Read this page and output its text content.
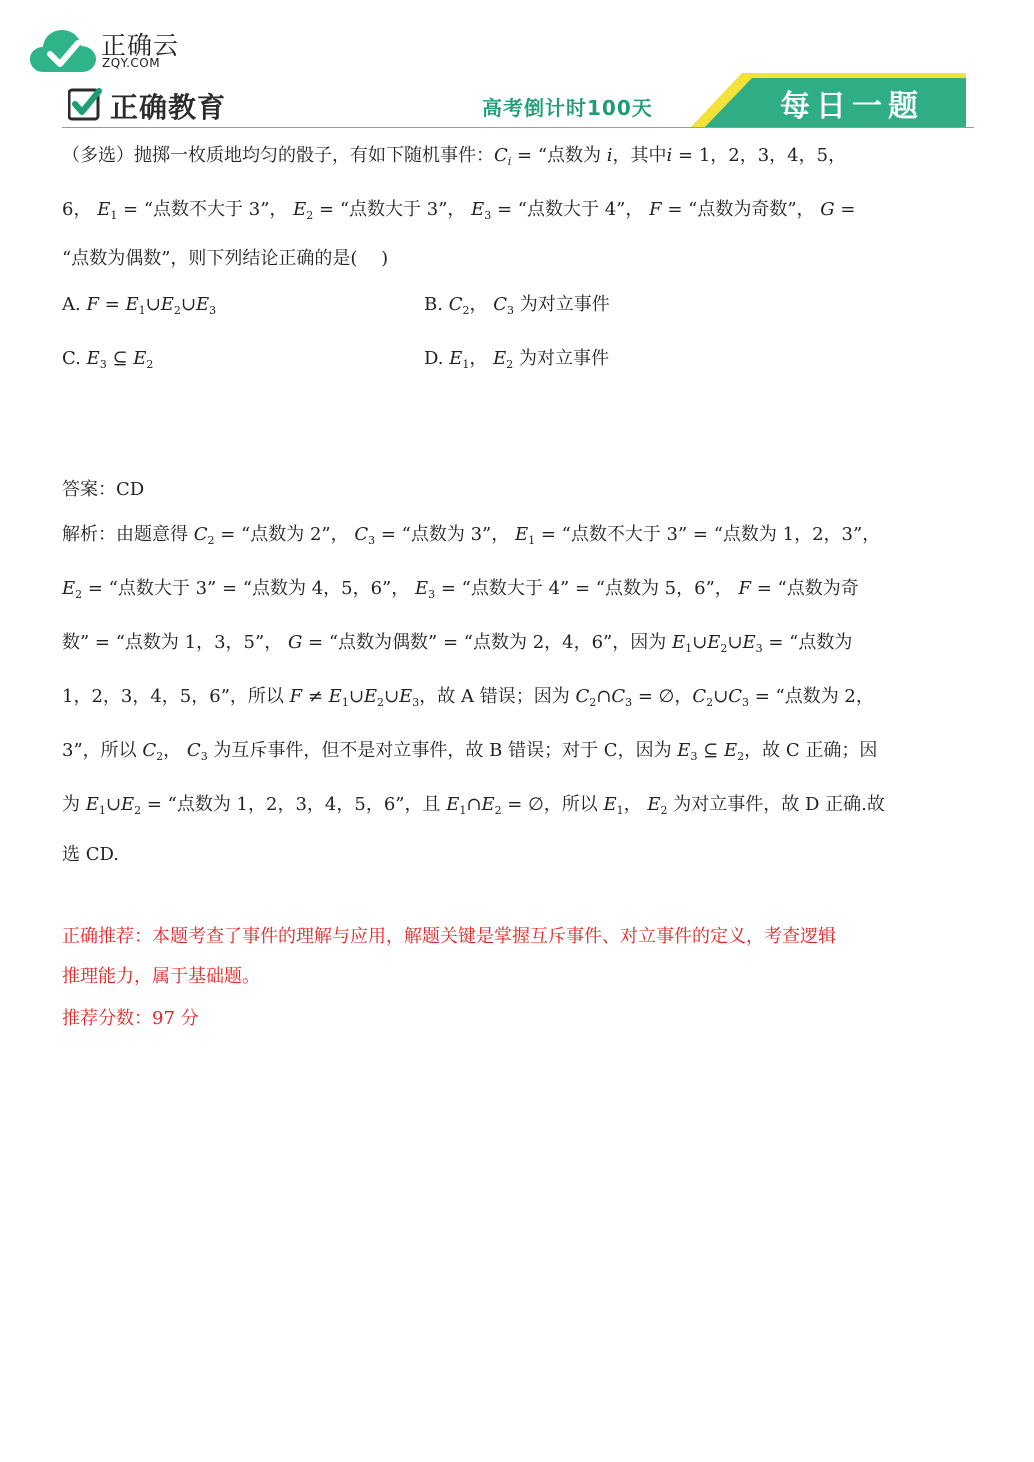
正确云
ZQY.COM
正确教育	高考倒计时100天	每日一题
（多选）抛掷一枚质地均匀的骰子，有如下随机事件：$C_i$ = “点数为 i，其中i = 1，2，3，4，5，
6， $E_1$ = “点数不大于 3”， $E_2$ = “点数大于 3”， $E_3$ = “点数大于 4”， F = “点数为奇数”， G =
“点数为偶数”，则下列结论正确的是(　 )
A. $F = E_1\cup E_2\cup E_3$	B. $C_2$， $C_3$ 为对立事件
C. $E_3$ ⊆ $E_2$	D. $E_1$， $E_2$ 为对立事件
答案：CD
解析：由题意得 $C_2$ = “点数为 2”， $C_3$ = “点数为 3”， $E_1$ = “点数不大于 3” = “点数为 1，2，3”，
$E_2$ = “点数大于 3” = “点数为 4，5，6”， $E_3$ = “点数大于 4” = “点数为 5，6”， F = “点数为奇
数” = “点数为 1，3，5”， G = “点数为偶数” = “点数为 2，4，6”，因为 $E_1\cup E_2\cup E_3$ = “点数为
1，2，3，4，5，6”，所以 $F \ne E_1\cup E_2\cup E_3$，故 A 错误；因为 $C_2\cap C_3$ = ∅，$C_2\cup C_3$ = “点数为 2，
3”，所以 $C_2$， $C_3$ 为互斥事件，但不是对立事件，故 B 错误；对于 C，因为 $E_3$ ⊆ $E_2$，故 C 正确；因
为 $E_1\cup E_2$ = “点数为 1，2，3，4，5，6”，且 $E_1\cap E_2$ = ∅，所以 $E_1$， $E_2$ 为对立事件，故 D 正确.故
选 CD.
正确推荐：本题考查了事件的理解与应用，解题关键是掌握互斥事件、对立事件的定义，考查逻辑
推理能力，属于基础题。
推荐分数：97 分
